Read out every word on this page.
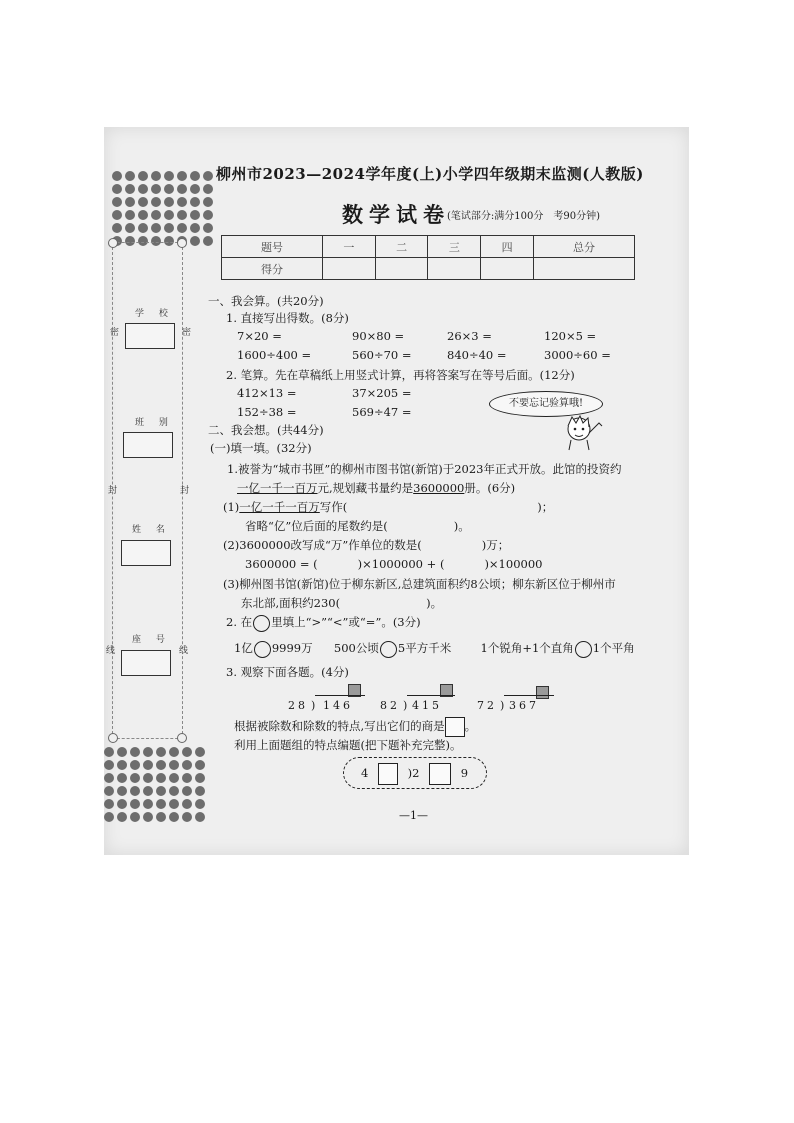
学 校
班 别
姓 名
座 号
密	密
封	封
线	线
柳州市2023—2024学年度(上)小学四年级期末监测(人教版)
数学试卷
(笔试部分:满分100分　考90分钟)
题号	一	二	三	四	总分
得分					
一、我会算。(共20分)
1. 直接写出得数。(8分)
7×20 =	90×80 =	26×3 =	120×5 =
1600÷400 =	560÷70 =	840÷40 =	3000÷60 =
2. 笔算。先在草稿纸上用竖式计算，再将答案写在等号后面。(12分)
412×13 =	37×205 =
152÷38 =	569÷47 =
不要忘记验算哦!
二、我会想。(共44分)
(一)填一填。(32分)
1.被誉为“城市书匣”的柳州市图书馆(新馆)于2023年正式开放。此馆的投资约
一亿一千一百万元,规划藏书量约是3600000册。(6分)
(1)一亿一千一百万写作(	)；
省略“亿”位后面的尾数约是(	)。
(2)3600000改写成“万”作单位的数是(	)万；
3600000 = (	)×1000000 + (	)×100000
(3)柳州图书馆(新馆)位于柳东新区,总建筑面积约8公顷；柳东新区位于柳州市
东北部,面积约230(	)。
2. 在 里填上“>”“<”或“=”。(3分)
1亿 9999万 500公顷 5平方千米	1个锐角+1个直角 1个平角
3. 观察下面各题。(4分)
28 ) 146 82 ) 415	72 ) 367
根据被除数和除数的特点,写出它们的商是 。
利用上面题组的特点编题(把下题补充完整)。
4	)2	9
—1—
